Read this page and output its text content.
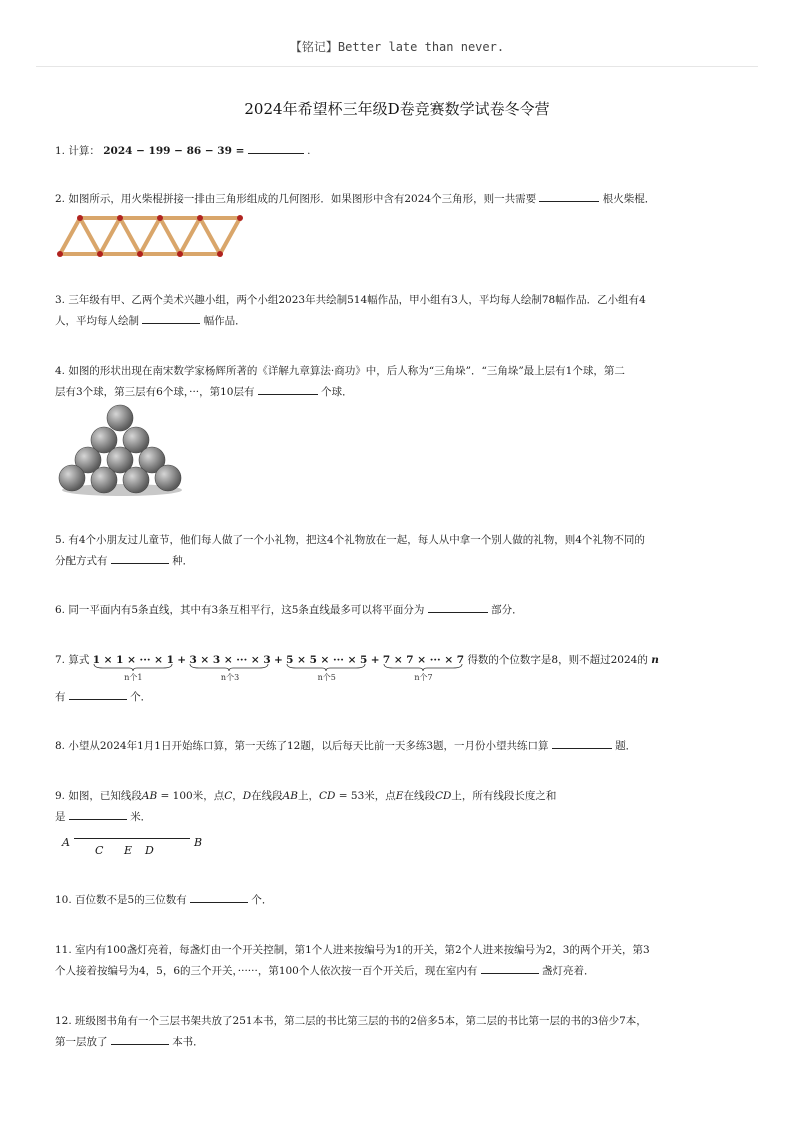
【铭记】Better late than never.
2024年希望杯三年级D卷竞赛数学试卷冬令营
1. 计算： 2024 − 199 − 86 − 39 =	.
2. 如图所示，用火柴棍拼接一排由三角形组成的几何图形．如果图形中含有2024个三角形，则一共需要	根火柴棍．
3. 三年级有甲、乙两个美术兴趣小组，两个小组2023年共绘制514幅作品，甲小组有3人，平均每人绘制78幅作品．乙小组有4
人，平均每人绘制	幅作品．
4. 如图的形状出现在南宋数学家杨辉所著的《详解九章算法·商功》中，后人称为“三角垛”．“三角垛”最上层有1个球，第二
层有3个球，第三层有6个球，···，第10层有	个球．
5. 有4个小朋友过儿童节，他们每人做了一个小礼物，把这4个礼物放在一起，每人从中拿一个别人做的礼物，则4个礼物不同的
分配方式有	种．
6. 同一平面内有5条直线，其中有3条互相平行，这5条直线最多可以将平面分为	部分．
7. 算式 1 × 1 × ··· × 1
n个1
+ 3 × 3 × ··· × 3
n个3
+ 5 × 5 × ··· × 5
n个5
+ 7 × 7 × ··· × 7
n个7
得数的个位数字是8，则不超过2024的 n
有	个．
8. 小望从2024年1月1日开始练口算，第一天练了12题，以后每天比前一天多练3题，一月份小望共练口算	题．
9. 如图，已知线段AB = 100米，点C，D在线段AB上，CD = 53米，点E在线段CD上，所有线段长度之和
是	米．
A
C E D
B
10. 百位数不是5的三位数有	个．
11. 室内有100盏灯亮着，每盏灯由一个开关控制，第1个人进来按编号为1的开关，第2个人进来按编号为2，3的两个开关，第3
个人接着按编号为4，5，6的三个开关，······，第100个人依次按一百个开关后，现在室内有	盏灯亮着．
12. 班级图书角有一个三层书架共放了251本书，第二层的书比第三层的书的2倍多5本，第二层的书比第一层的书的3倍少7本，
第一层放了	本书．
